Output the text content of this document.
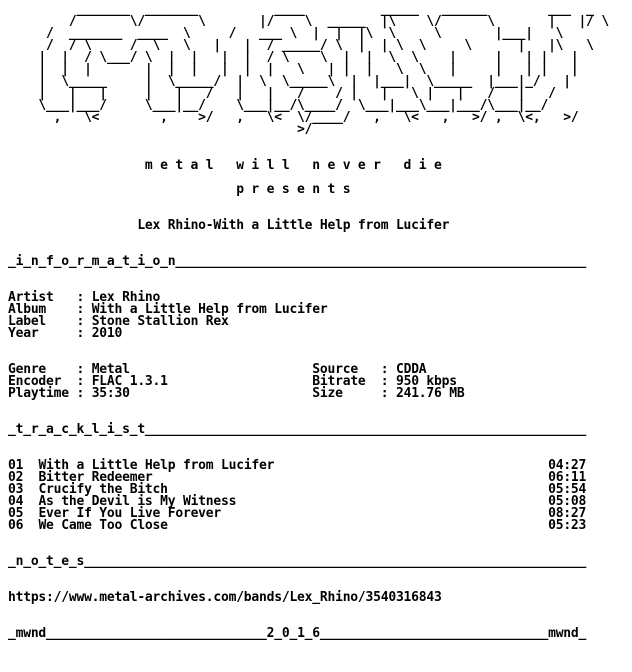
_______  _______          ____          _____   ______        ___  _
/       \/       \       |/    \  _____  |\    \/      \       |   |/ \
/  _______  ____  \     /   ___ \  |  |  |\  \     \       |___|   \
/  / \     /  \   \   |   |  / _____/ \  |  | \  \     \      |   |\   \
|  |  / \___/ \  |  |   |  |  / \    \  |  |  \  \    |     |   | |   |
|  |  |       |  |  |   |  |  |   \   | |  |   \  \   |     |   | |   |
|  \_____     |  \_____/  |  \  \_____\  |  |___|  \_____  |___|_/   |
|   |   |     |   |   /   |   |   /    / |   |   \ |   |   /   |   /
\___|___/     \___|__/    \___|__/\____/  \___|___\___|___/\___|__/
,   \<        ,    >/   ,   \<  \/____/   ,   \<   ,   >/ ,  \<,   >/
>/

m e t a l   w i l l   n e v e r   d i e

p r e s e n t s

Lex Rhino-With a Little Help from Lucifer

_i_n_f_o_r_m_a_t_i_o_n______________________________________________________

Artist   : Lex Rhino
Album    : With a Little Help from Lucifer
Label    : Stone Stallion Rex
Year     : 2010

Genre    : Metal	Source   : CDDA
Encoder  : FLAC 1.3.1	Bitrate  : 950 kbps
Playtime : 35:30	Size     : 241.76 MB

_t_r_a_c_k_l_i_s_t__________________________________________________________

01 With a Little Help from Lucifer	04:27
02 Bitter Redeemer	06:11
03 Crucify the Bitch	05:54
04 As the Devil is My Witness	05:08
05 Ever If You Live Forever	08:27
06 We Came Too Close	05:23

_n_o_t_e_s__________________________________________________________________

https://www.metal-archives.com/bands/Lex_Rhino/3540316843

_mwnd_____________________________2_0_1_6______________________________mwnd_
